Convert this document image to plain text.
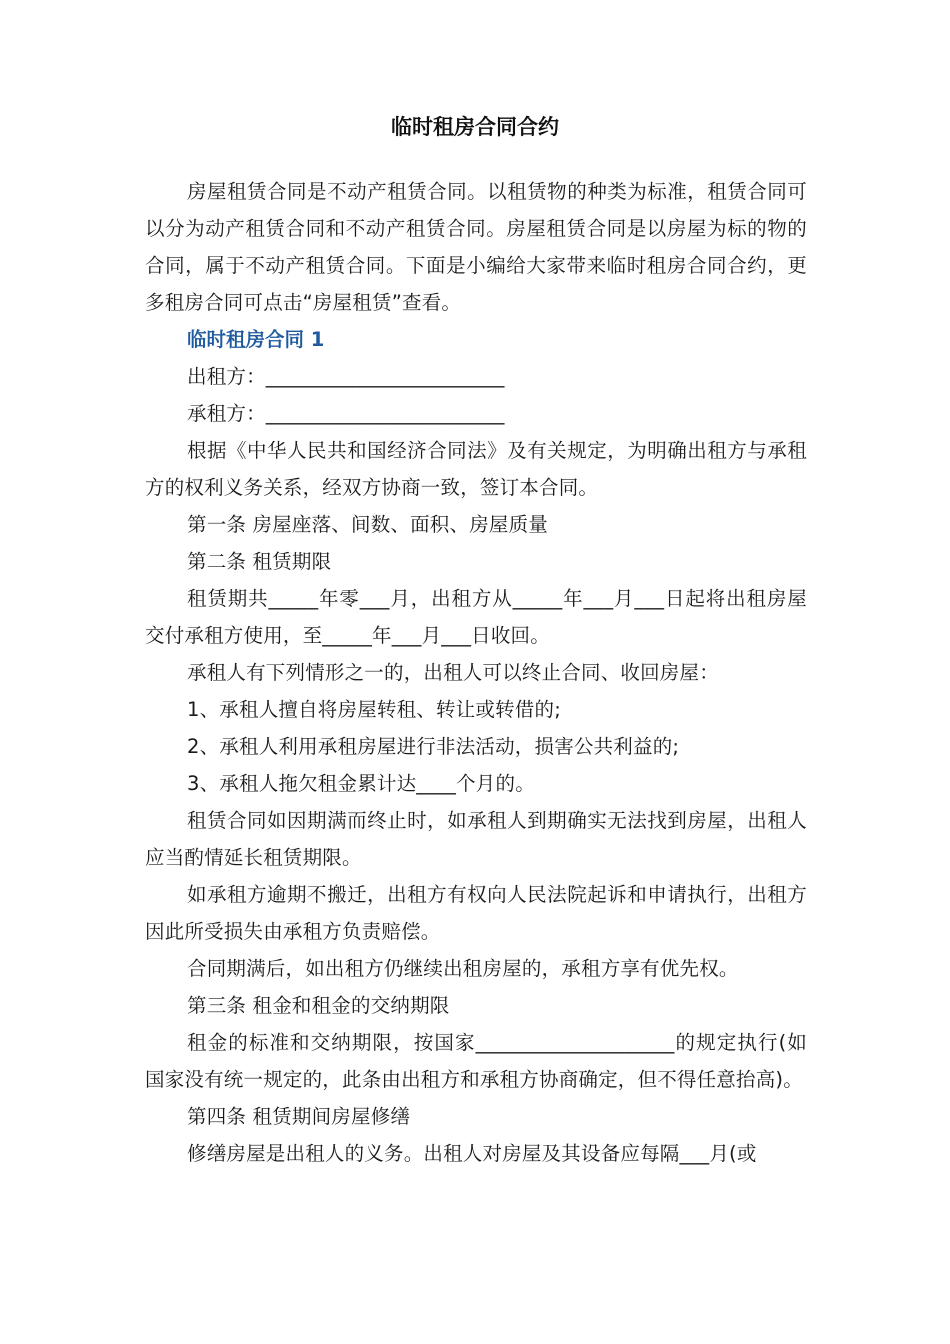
临时租房合同合约

房屋租赁合同是不动产租赁合同。以租赁物的种类为标准，租赁合同可以分为动产租赁合同和不动产租赁合同。房屋租赁合同是以房屋为标的物的合同，属于不动产租赁合同。下面是小编给大家带来临时租房合同合约，更多租房合同可点击“房屋租赁”查看。

临时租房合同 1

出租方：________________________

承租方：________________________

根据《中华人民共和国经济合同法》及有关规定，为明确出租方与承租方的权利义务关系，经双方协商一致，签订本合同。

第一条 房屋座落、间数、面积、房屋质量

第二条 租赁期限

租赁期共_____年零___月，出租方从_____年___月___日起将出租房屋交付承租方使用，至_____年___月___日收回。

承租人有下列情形之一的，出租人可以终止合同、收回房屋：

1、承租人擅自将房屋转租、转让或转借的;

2、承租人利用承租房屋进行非法活动，损害公共利益的;

3、承租人拖欠租金累计达____个月的。

租赁合同如因期满而终止时，如承租人到期确实无法找到房屋，出租人应当酌情延长租赁期限。

如承租方逾期不搬迁，出租方有权向人民法院起诉和申请执行，出租方因此所受损失由承租方负责赔偿。

合同期满后，如出租方仍继续出租房屋的，承租方享有优先权。

第三条 租金和租金的交纳期限

租金的标准和交纳期限，按国家____________________的规定执行(如国家没有统一规定的，此条由出租方和承租方协商确定，但不得任意抬高)。

第四条 租赁期间房屋修缮

修缮房屋是出租人的义务。出租人对房屋及其设备应每隔___月(或
